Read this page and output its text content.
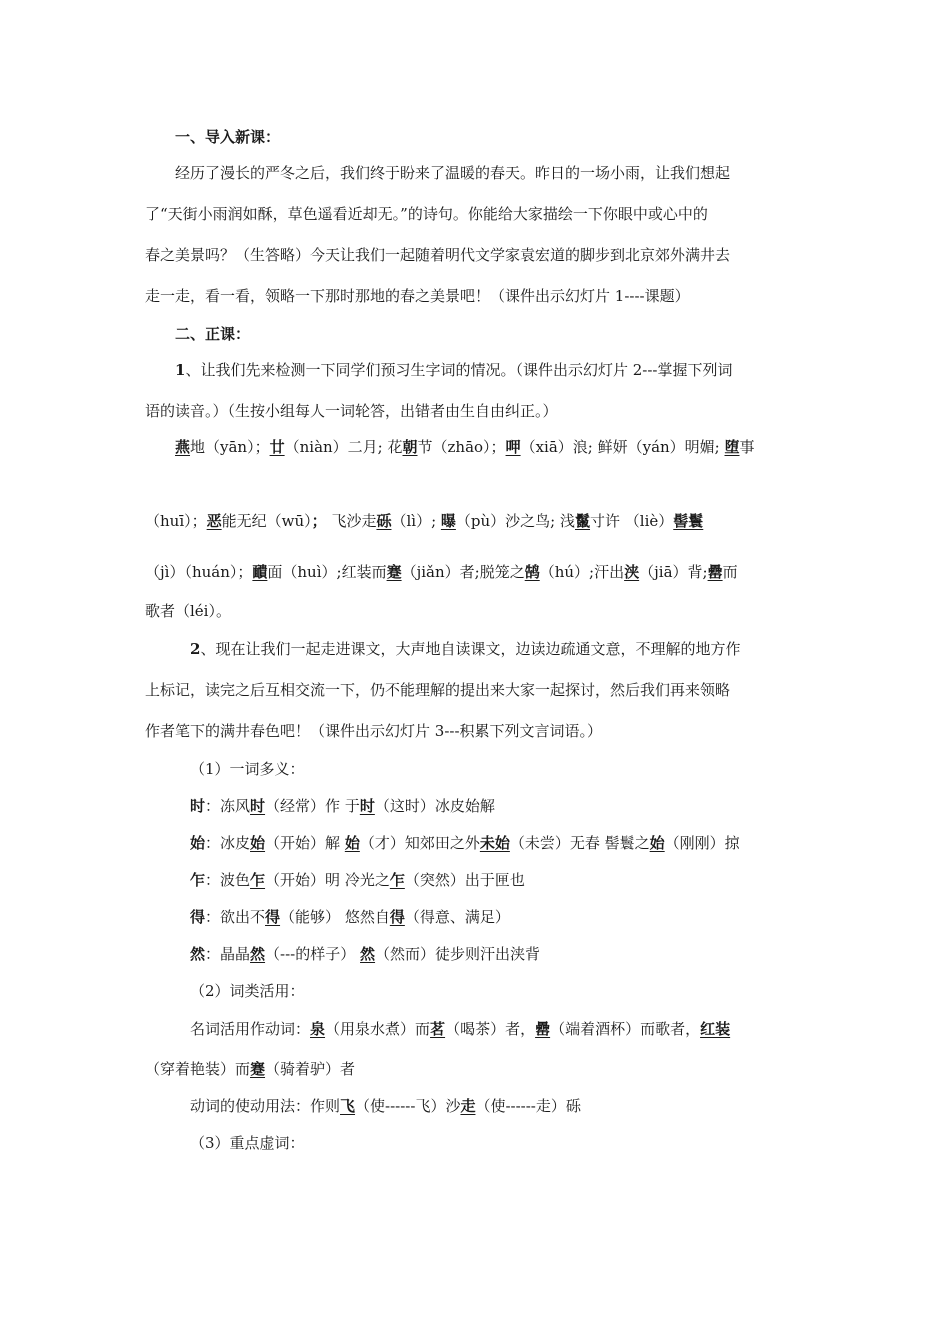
一、导入新课：
经历了漫长的严冬之后，我们终于盼来了温暖的春天。昨日的一场小雨，让我们想起
了“天街小雨润如酥，草色遥看近却无。”的诗句。你能给大家描绘一下你眼中或心中的
春之美景吗？（生答略）今天让我们一起随着明代文学家袁宏道的脚步到北京郊外满井去
走一走，看一看，领略一下那时那地的春之美景吧！（课件出示幻灯片 1----课题）
二、正课：
1、让我们先来检测一下同学们预习生字词的情况。（课件出示幻灯片 2---掌握下列词
语的读音。）（生按小组每人一词轮答，出错者由生自由纠正。）
燕地（yān）；廿（niàn）二月; 花朝节（zhāo）；呷（xiā）浪; 鲜妍（yán）明媚; 堕事
（huī）；恶能无纪（wū）； 飞沙走砾（lì）; 曝（pù）沙之鸟; 浅鬣寸许 （liè）髻鬟
（jì）（huán）；靧面（huì）;红装而蹇（jiǎn）者;脱笼之鹄（hú）;汗出浃（jiā）背;罍而
歌者（léi）。
2、现在让我们一起走进课文，大声地自读课文，边读边疏通文意，不理解的地方作
上标记，读完之后互相交流一下，仍不能理解的提出来大家一起探讨，然后我们再来领略
作者笔下的满井春色吧！（课件出示幻灯片 3---积累下列文言词语。）
（1）一词多义：
时：冻风时（经常）作 于时（这时）冰皮始解
始：冰皮始（开始）解 始（才）知郊田之外未始（未尝）无春 髻鬟之始（刚刚）掠
乍：波色乍（开始）明 冷光之乍（突然）出于匣也
得：欲出不得（能够） 悠然自得（得意、满足）
然：晶晶然（---的样子） 然（然而）徒步则汗出浃背
（2）词类活用：
名词活用作动词：泉（用泉水煮）而茗（喝茶）者，罍（端着酒杯）而歌者，红装
（穿着艳装）而蹇（骑着驴）者
动词的使动用法：作则飞（使------飞）沙走（使------走）砾
（3）重点虚词：
